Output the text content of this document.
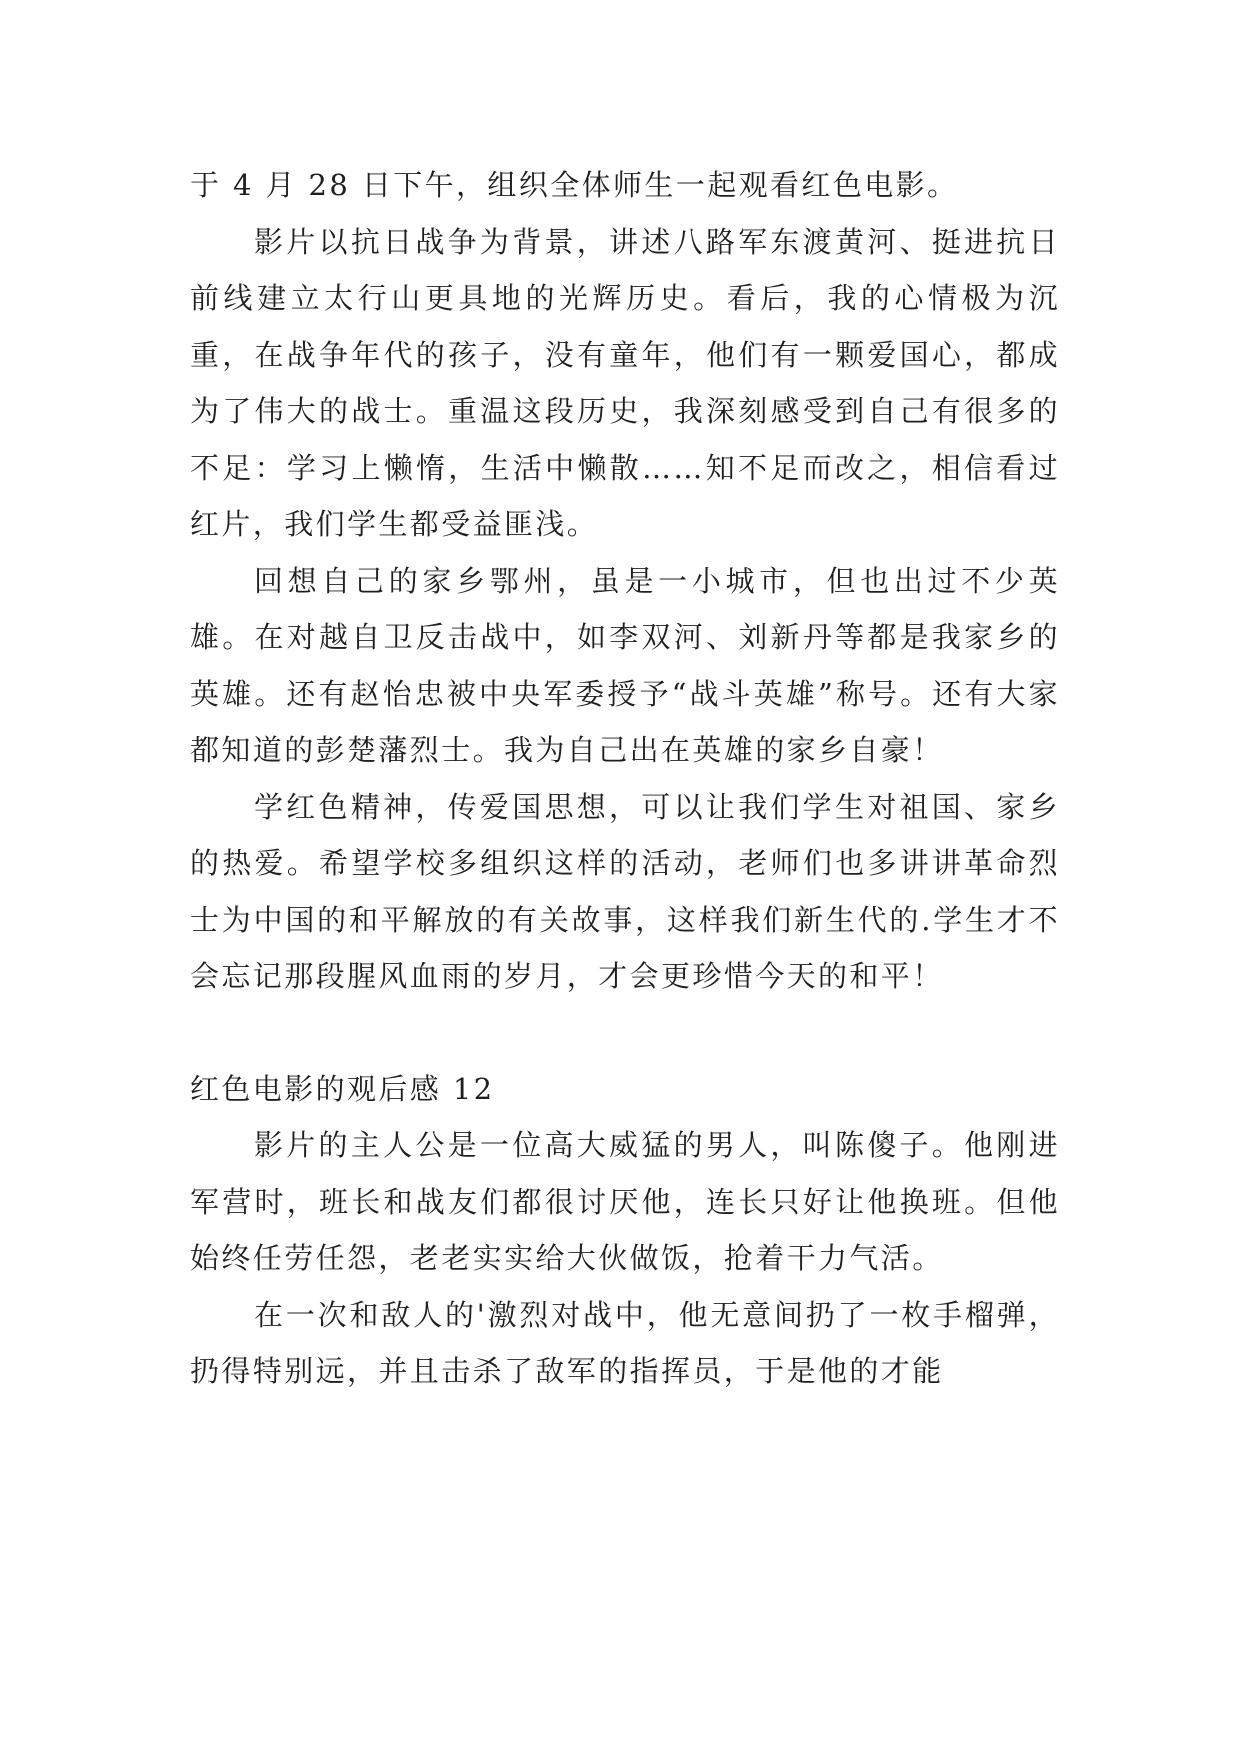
于 4 月 28 日下午，组织全体师生一起观看红色电影。

影片以抗日战争为背景，讲述八路军东渡黄河、挺进抗日前线建立太行山更具地的光辉历史。看后，我的心情极为沉重，在战争年代的孩子，没有童年，他们有一颗爱国心，都成为了伟大的战士。重温这段历史，我深刻感受到自己有很多的不足：学习上懒惰，生活中懒散……知不足而改之，相信看过红片，我们学生都受益匪浅。

回想自己的家乡鄂州，虽是一小城市，但也出过不少英雄。在对越自卫反击战中，如李双河、刘新丹等都是我家乡的英雄。还有赵怡忠被中央军委授予“战斗英雄”称号。还有大家都知道的彭楚藩烈士。我为自己出在英雄的家乡自豪！

学红色精神，传爱国思想，可以让我们学生对祖国、家乡的热爱。希望学校多组织这样的活动，老师们也多讲讲革命烈士为中国的和平解放的有关故事，这样我们新生代的.学生才不会忘记那段腥风血雨的岁月，才会更珍惜今天的和平！

红色电影的观后感 12

影片的主人公是一位高大威猛的男人，叫陈傻子。他刚进军营时，班长和战友们都很讨厌他，连长只好让他换班。但他始终任劳任怨，老老实实给大伙做饭，抢着干力气活。

在一次和敌人的'激烈对战中，他无意间扔了一枚手榴弹，扔得特别远，并且击杀了敌军的指挥员，于是他的才能
